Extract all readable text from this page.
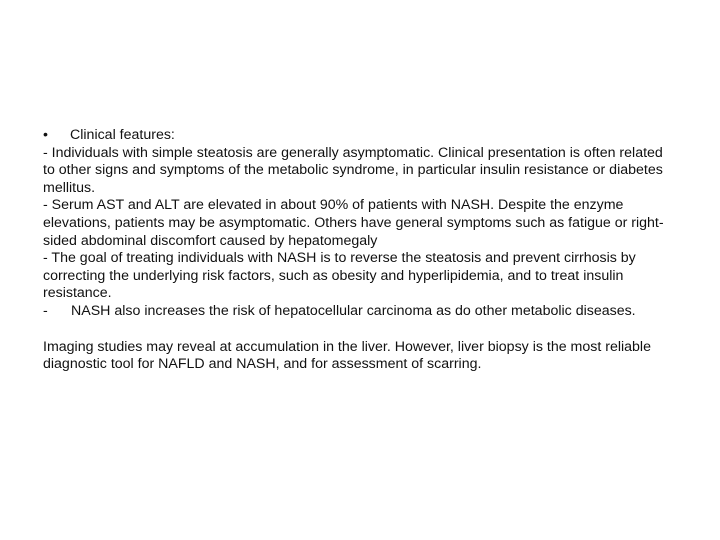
•	Clinical features:

- Individuals with simple steatosis are generally asymptomatic. Clinical presentation is often related to other signs and symptoms of the metabolic syndrome, in particular insulin resistance or diabetes mellitus.

- Serum AST and ALT are elevated in about 90% of patients with NASH. Despite the enzyme elevations, patients may be asymptomatic. Others have general symptoms such as fatigue or right-sided abdominal discomfort caused by hepatomegaly

- The goal of treating individuals with NASH is to reverse the steatosis and prevent cirrhosis by correcting the underlying risk factors, such as obesity and hyperlipidemia, and to treat insulin resistance.

-	NASH also increases the risk of hepatocellular carcinoma as do other metabolic diseases.

Imaging studies may reveal at accumulation in the liver. However, liver biopsy is the most reliable diagnostic tool for NAFLD and NASH, and for assessment of scarring.
